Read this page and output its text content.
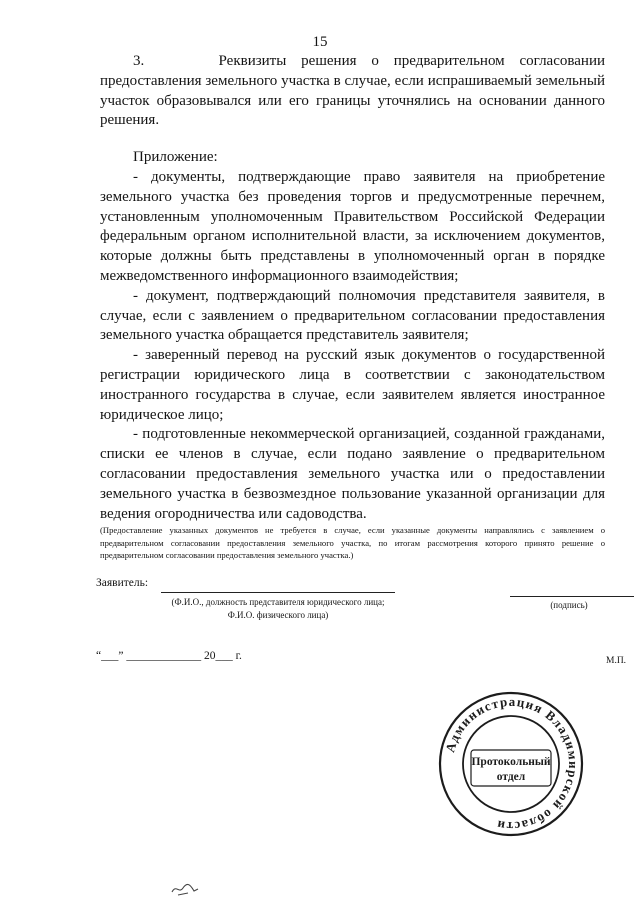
15

3.     Реквизиты решения о предварительном согласовании предоставления земельного участка в случае, если испрашиваемый земельный участок образовывался или его границы уточнялись на основании данного решения.

Приложение:

- документы, подтверждающие право заявителя на приобретение земельного участка без проведения торгов и предусмотренные перечнем, установленным уполномоченным Правительством Российской Федерации федеральным органом исполнительной власти, за исключением документов, которые должны быть представлены в уполномоченный орган в порядке межведомственного информационного взаимодействия;

- документ, подтверждающий полномочия представителя заявителя, в случае, если с заявлением о предварительном согласовании предоставления земельного участка обращается представитель заявителя;

- заверенный перевод на русский язык документов о государственной регистрации юридического лица в соответствии с законодательством иностранного государства в случае, если заявителем является иностранное юридическое лицо;

- подготовленные некоммерческой организацией, созданной гражданами, списки ее членов в случае, если подано заявление о предварительном согласовании предоставления земельного участка или о предоставлении земельного участка в безвозмездное пользование указанной организации для ведения огородничества или садоводства.

(Предоставление указанных документов не требуется в случае, если указанные документы направлялись с заявлением о предварительном согласовании предоставления земельного участка, по итогам рассмотрения которого принято решение о предварительном согласовании предоставления земельного участка.)

Заявитель:
(Ф.И.О., должность представителя юридического лица;
Ф.И.О. физического лица)
(подпись)
“___” _____________ 20___ г.	М.П.
Администрация Владимирской области
Протокольный
отдел
